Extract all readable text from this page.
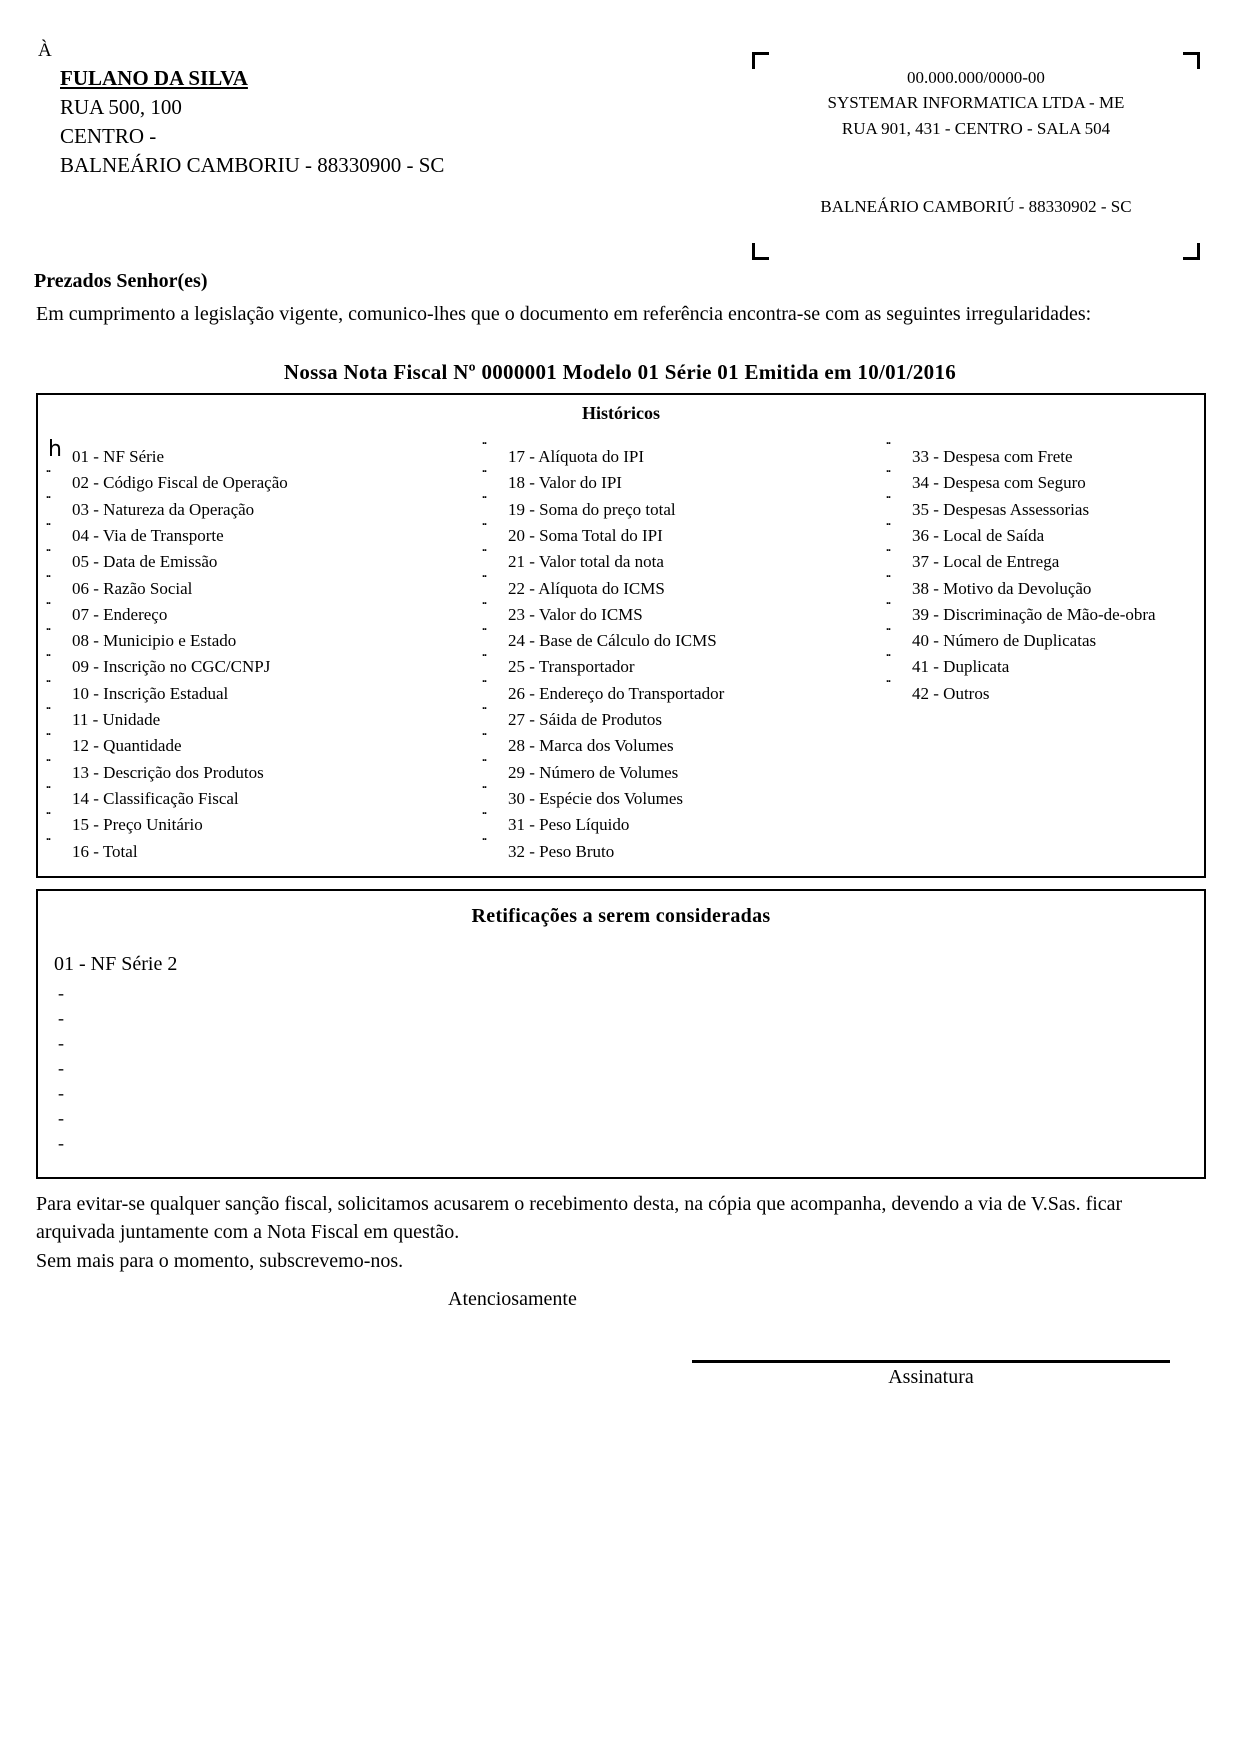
À
FULANO DA SILVA
RUA 500, 100
CENTRO -
BALNEÁRIO CAMBORIU - 88330900 - SC
00.000.000/0000-00
SYSTEMAR INFORMATICA LTDA - ME
RUA 901, 431 - CENTRO - SALA 504
BALNEÁRIO CAMBORIÚ - 88330902 - SC
Prezados Senhor(es)
Em cumprimento a legislação vigente, comunico-lhes que o documento em referência encontra-se com as seguintes irregularidades:
Nossa Nota Fiscal Nº 0000001 Modelo 01 Série 01 Emitida em 10/01/2016
Históricos
h 01 - NF Série
..
02 - Código Fiscal de Operação
..
03 - Natureza da Operação
..
04 - Via de Transporte
..
05 - Data de Emissão
..
06 - Razão Social
..
07 - Endereço
..
08 - Municipio e Estado
..
09 - Inscrição no CGC/CNPJ
..
10 - Inscrição Estadual
..
11 - Unidade
..
12 - Quantidade
..
13 - Descrição dos Produtos
..
14 - Classificação Fiscal
..
15 - Preço Unitário
..
16 - Total
17 - Alíquota do IPI
..
18 - Valor do IPI
..
19 - Soma do preço total
..
20 - Soma Total do IPI
..
21 - Valor total da nota
..
22 - Alíquota do ICMS
..
23 - Valor do ICMS
..
24 - Base de Cálculo do ICMS
..
25 - Transportador
..
26 - Endereço do Transportador
..
27 - Sáida de Produtos
..
28 - Marca dos Volumes
..
29 - Número de Volumes
..
30 - Espécie dos Volumes
..
31 - Peso Líquido
..
32 - Peso Bruto
..
33 - Despesa com Frete
..
34 - Despesa com Seguro
..
35 - Despesas Assessorias
..
36 - Local de Saída
..
37 - Local de Entrega
..
38 - Motivo da Devolução
..
39 - Discriminação de Mão-de-obra
..
40 - Número de Duplicatas
..
41 - Duplicata
..
42 - Outros
..
Retificações a serem consideradas
01 - NF Série 2
-
-
-
-
-
-
-
Para evitar-se qualquer sanção fiscal, solicitamos acusarem o recebimento desta, na cópia que acompanha, devendo a via de V.Sas. ficar arquivada juntamente com a Nota Fiscal em questão.
Sem mais para o momento, subscrevemo-nos.
Atenciosamente
Assinatura
